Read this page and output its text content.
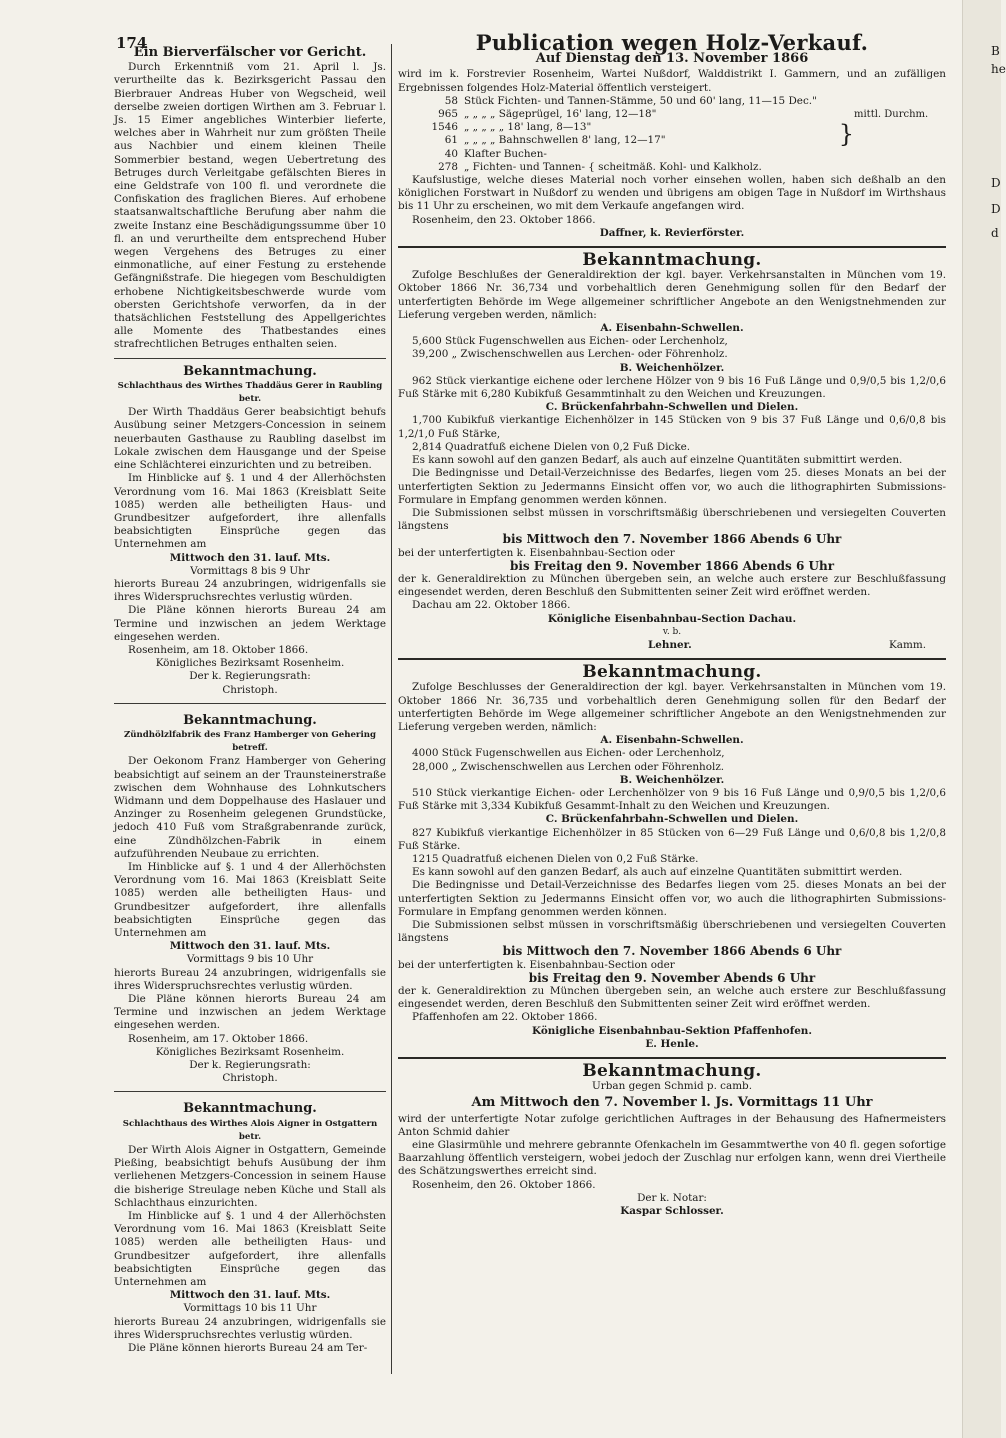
174	B
he
D
D
d
Ein Bierverfälscher vor Gericht.

Durch Erkenntniß vom 21. April l. Js. verurtheilte das k. Bezirksgericht Passau den Bierbrauer Andreas Huber von Wegscheid, weil derselbe zweien dortigen Wirthen am 3. Februar l. Js. 15 Eimer angebliches Winterbier lieferte, welches aber in Wahrheit nur zum größten Theile aus Nachbier und einem kleinen Theile Sommerbier bestand, wegen Uebertretung des Betruges durch Verleitgabe gefälschten Bieres in eine Geldstrafe von 100 fl. und verordnete die Confiskation des fraglichen Bieres. Auf erhobene staatsanwaltschaftliche Berufung aber nahm die zweite Instanz eine Beschädigungssumme über 10 fl. an und verurtheilte dem entsprechend Huber wegen Vergehens des Betruges zu einer einmonatliche, auf einer Festung zu erstehende Gefängnißstrafe. Die hiegegen vom Beschuldigten erhobene Nichtigkeitsbeschwerde wurde vom obersten Gerichtshofe verworfen, da in der thatsächlichen Feststellung des Appellgerichtes alle Momente des Thatbestandes eines strafrechtlichen Betruges enthalten seien.

Bekanntmachung.
Schlachthaus des Wirthes Thaddäus Gerer in Raubling betr.

Der Wirth Thaddäus Gerer beabsichtigt behufs Ausübung seiner Metzgers-Concession in seinem neuerbauten Gasthause zu Raubling daselbst im Lokale zwischen dem Hausgange und der Speise eine Schlächterei einzurichten und zu betreiben.

Im Hinblicke auf §. 1 und 4 der Allerhöchsten Verordnung vom 16. Mai 1863 (Kreisblatt Seite 1085) werden alle betheiligten Haus- und Grundbesitzer aufgefordert, ihre allenfalls beabsichtigten Einsprüche gegen das Unternehmen am

Mittwoch den 31. lauf. Mts.
Vormittags 8 bis 9 Uhr

hierorts Bureau 24 anzubringen, widrigenfalls sie ihres Widerspruchsrechtes verlustig würden.

Die Pläne können hierorts Bureau 24 am Termine und inzwischen an jedem Werktage eingesehen werden.

Rosenheim, am 18. Oktober 1866.

Königliches Bezirksamt Rosenheim.
Der k. Regierungsrath:
Christoph.
Bekanntmachung.
Zündhölzlfabrik des Franz Hamberger von Gehering betreff.

Der Oekonom Franz Hamberger von Gehering beabsichtigt auf seinem an der Traunsteinerstraße zwischen dem Wohnhause des Lohnkutschers Widmann und dem Doppelhause des Haslauer und Anzinger zu Rosenheim gelegenen Grundstücke, jedoch 410 Fuß vom Straßgrabenrande zurück, eine Zündhölzchen-Fabrik in einem aufzuführenden Neubaue zu errichten.

Im Hinblicke auf §. 1 und 4 der Allerhöchsten Verordnung vom 16. Mai 1863 (Kreisblatt Seite 1085) werden alle betheiligten Haus- und Grundbesitzer aufgefordert, ihre allenfalls beabsichtigten Einsprüche gegen das Unternehmen am

Mittwoch den 31. lauf. Mts.
Vormittags 9 bis 10 Uhr

hierorts Bureau 24 anzubringen, widrigenfalls sie ihres Widerspruchsrechtes verlustig würden.

Die Pläne können hierorts Bureau 24 am Termine und inzwischen an jedem Werktage eingesehen werden.

Rosenheim, am 17. Oktober 1866.

Königliches Bezirksamt Rosenheim.
Der k. Regierungsrath:
Christoph.
Bekanntmachung.
Schlachthaus des Wirthes Alois Aigner in Ostgattern betr.

Der Wirth Alois Aigner in Ostgattern, Gemeinde Pießing, beabsichtigt behufs Ausübung der ihm verliehenen Metzgers-Concession in seinem Hause die bisherige Streulage neben Küche und Stall als Schlachthaus einzurichten.

Im Hinblicke auf §. 1 und 4 der Allerhöchsten Verordnung vom 16. Mai 1863 (Kreisblatt Seite 1085) werden alle betheiligten Haus- und Grundbesitzer aufgefordert, ihre allenfalls beabsichtigten Einsprüche gegen das Unternehmen am

Mittwoch den 31. lauf. Mts.
Vormittags 10 bis 11 Uhr

hierorts Bureau 24 anzubringen, widrigenfalls sie ihres Widerspruchsrechtes verlustig würden.

Die Pläne können hierorts Bureau 24 am Ter-

Publication wegen Holz-Verkauf.
Auf Dienstag den 13. November 1866

wird im k. Forstrevier Rosenheim, Wartei Nußdorf, Walddistrikt I. Gammern, und an zufälligen Ergebnissen folgendes Holz-Material öffentlich versteigert.

58 Stück Fichten- und Tannen-Stämme, 50 und 60' lang, 11—15 Dec."
965 „ „ „ „ Sägeprügel, 16' lang, 12—18"
1546 „ „ „ „ „ 18' lang, 8—13"
61 „ „ „ „ Bahnschwellen 8' lang, 12—17"
40 Klafter Buchen-
278 „ Fichten- und Tannen- { scheitmäß. Kohl- und Kalkholz.
}
mittl. Durchm.

Kaufslustige, welche dieses Material noch vorher einsehen wollen, haben sich deßhalb an den königlichen Forstwart in Nußdorf zu wenden und übrigens am obigen Tage in Nußdorf im Wirthshaus bis 11 Uhr zu erscheinen, wo mit dem Verkaufe angefangen wird.

Rosenheim, den 23. Oktober 1866.

Daffner, k. Revierförster.
Bekanntmachung.

Zufolge Beschlußes der Generaldirektion der kgl. bayer. Verkehrsanstalten in München vom 19. Oktober 1866 Nr. 36,734 und vorbehaltlich deren Genehmigung sollen für den Bedarf der unterfertigten Behörde im Wege allgemeiner schriftlicher Angebote an den Wenigstnehmenden zur Lieferung vergeben werden, nämlich:

A. Eisenbahn-Schwellen.

5,600 Stück Fugenschwellen aus Eichen- oder Lerchenholz,

39,200 „ Zwischenschwellen aus Lerchen- oder Föhrenholz.

B. Weichenhölzer.

962 Stück vierkantige eichene oder lerchene Hölzer von 9 bis 16 Fuß Länge und 0,9/0,5 bis 1,2/0,6 Fuß Stärke mit 6,280 Kubikfuß Gesammtinhalt zu den Weichen und Kreuzungen.

C. Brückenfahrbahn-Schwellen und Dielen.

1,700 Kubikfuß vierkantige Eichenhölzer in 145 Stücken von 9 bis 37 Fuß Länge und 0,6/0,8 bis 1,2/1,0 Fuß Stärke,

2,814 Quadratfuß eichene Dielen von 0,2 Fuß Dicke.

Es kann sowohl auf den ganzen Bedarf, als auch auf einzelne Quantitäten submittirt werden.

Die Bedingnisse und Detail-Verzeichnisse des Bedarfes, liegen vom 25. dieses Monats an bei der unterfertigten Sektion zu Jedermanns Einsicht offen vor, wo auch die lithographirten Submissions-Formulare in Empfang genommen werden können.

Die Submissionen selbst müssen in vorschriftsmäßig überschriebenen und versiegelten Couverten längstens

bis Mittwoch den 7. November 1866 Abends 6 Uhr

bei der unterfertigten k. Eisenbahnbau-Section oder

bis Freitag den 9. November 1866 Abends 6 Uhr

der k. Generaldirektion zu München übergeben sein, an welche auch erstere zur Beschlußfassung eingesendet werden, deren Beschluß den Submittenten seiner Zeit wird eröffnet werden.

Dachau am 22. Oktober 1866.

Königliche Eisenbahnbau-Section Dachau.
v. b.
Lehner.	Kamm.
Bekanntmachung.

Zufolge Beschlusses der Generaldirection der kgl. bayer. Verkehrsanstalten in München vom 19. Oktober 1866 Nr. 36,735 und vorbehaltlich deren Genehmigung sollen für den Bedarf der unterfertigten Behörde im Wege allgemeiner schriftlicher Angebote an den Wenigstnehmenden zur Lieferung vergeben werden, nämlich:

A. Eisenbahn-Schwellen.

4000 Stück Fugenschwellen aus Eichen- oder Lerchenholz,

28,000 „ Zwischenschwellen aus Lerchen oder Föhrenholz.

B. Weichenhölzer.

510 Stück vierkantige Eichen- oder Lerchenhölzer von 9 bis 16 Fuß Länge und 0,9/0,5 bis 1,2/0,6 Fuß Stärke mit 3,334 Kubikfuß Gesammt-Inhalt zu den Weichen und Kreuzungen.

C. Brückenfahrbahn-Schwellen und Dielen.

827 Kubikfuß vierkantige Eichenhölzer in 85 Stücken von 6—29 Fuß Länge und 0,6/0,8 bis 1,2/0,8 Fuß Stärke.

1215 Quadratfuß eichenen Dielen von 0,2 Fuß Stärke.

Es kann sowohl auf den ganzen Bedarf, als auch auf einzelne Quantitäten submittirt werden.

Die Bedingnisse und Detail-Verzeichnisse des Bedarfes liegen vom 25. dieses Monats an bei der unterfertigten Sektion zu Jedermanns Einsicht offen vor, wo auch die lithographirten Submissions-Formulare in Empfang genommen werden können.

Die Submissionen selbst müssen in vorschriftsmäßig überschriebenen und versiegelten Couverten längstens

bis Mittwoch den 7. November 1866 Abends 6 Uhr

bei der unterfertigten k. Eisenbahnbau-Section oder

bis Freitag den 9. November Abends 6 Uhr

der k. Generaldirektion zu München übergeben sein, an welche auch erstere zur Beschlußfassung eingesendet werden, deren Beschluß den Submittenten seiner Zeit wird eröffnet werden.

Pfaffenhofen am 22. Oktober 1866.

Königliche Eisenbahnbau-Sektion Pfaffenhofen.
E. Henle.
Bekanntmachung.
Urban gegen Schmid p. camb.
Am Mittwoch den 7. November l. Js. Vormittags 11 Uhr

wird der unterfertigte Notar zufolge gerichtlichen Auftrages in der Behausung des Hafnermeisters Anton Schmid dahier

eine Glasirmühle und mehrere gebrannte Ofenkacheln im Gesammtwerthe von 40 fl. gegen sofortige Baarzahlung öffentlich versteigern, wobei jedoch der Zuschlag nur erfolgen kann, wenn drei Viertheile des Schätzungswerthes erreicht sind.

Rosenheim, den 26. Oktober 1866.

Der k. Notar:
Kaspar Schlosser.
